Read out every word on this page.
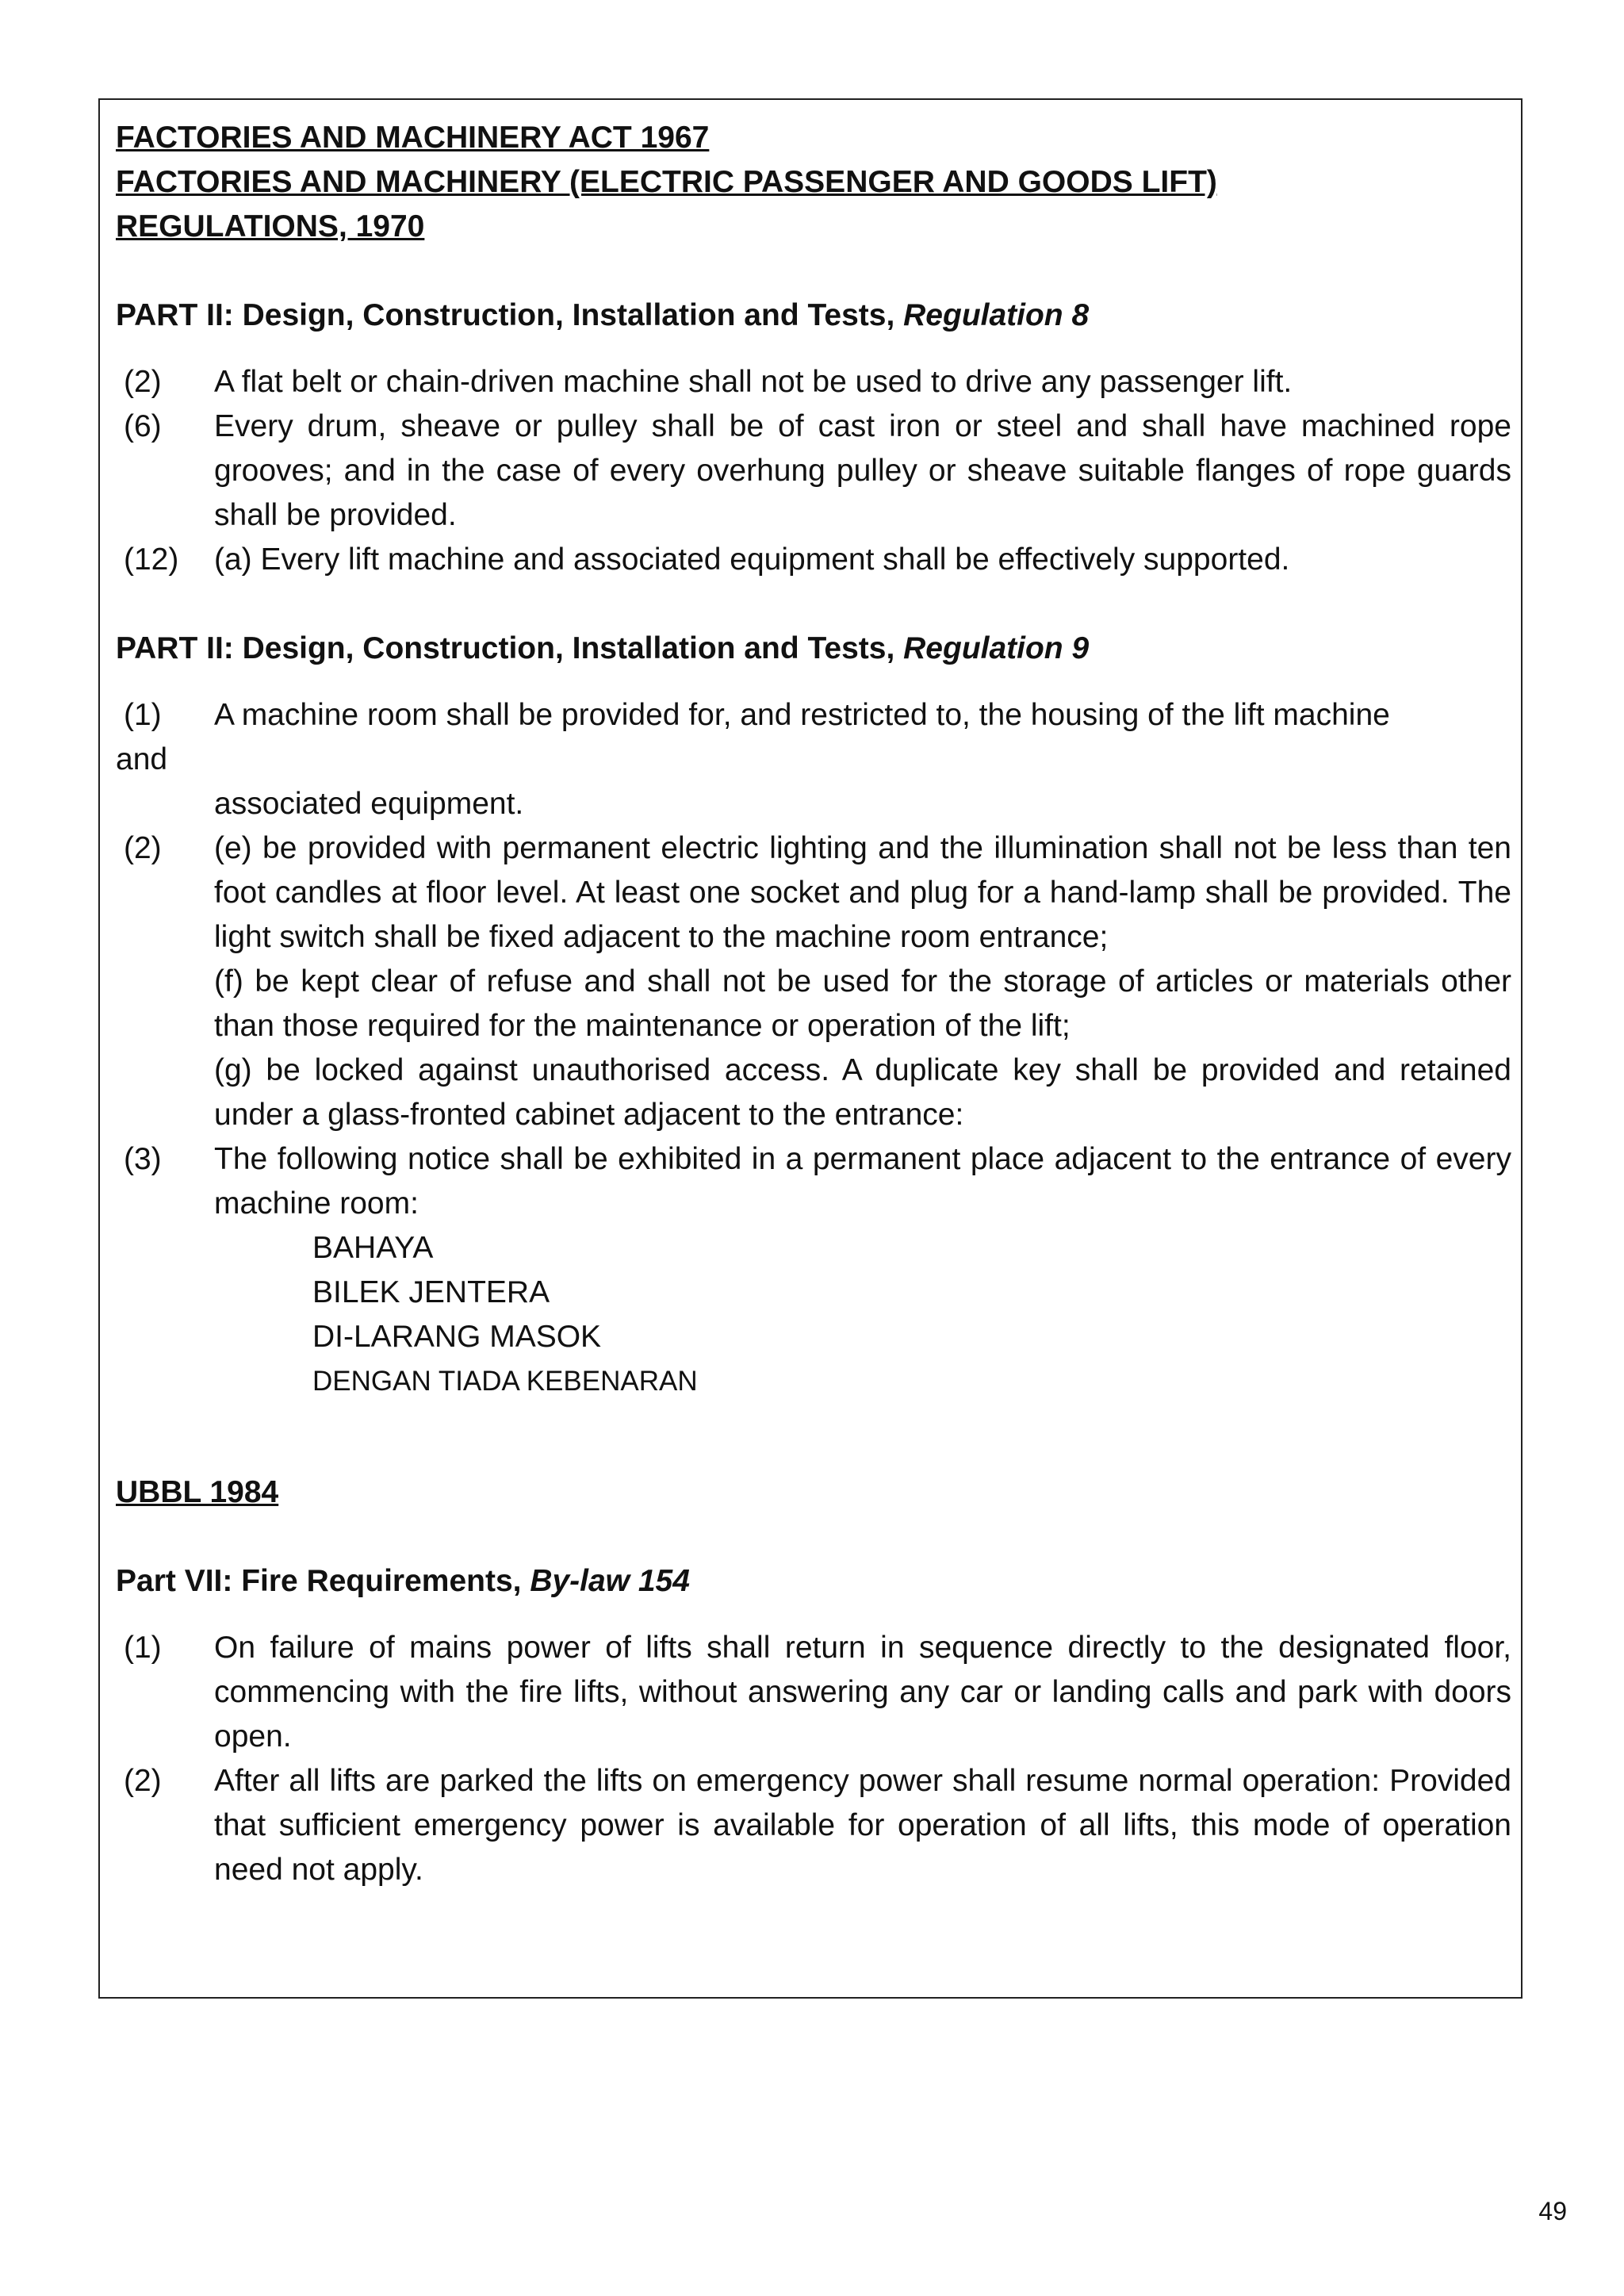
FACTORIES AND MACHINERY ACT 1967

FACTORIES AND MACHINERY (ELECTRIC PASSENGER AND GOODS LIFT)

REGULATIONS, 1970

PART II: Design, Construction, Installation and Tests, Regulation 8
(2)	A flat belt or chain-driven machine shall not be used to drive any passenger lift.
(6)	Every drum, sheave or pulley shall be of cast iron or steel and shall have machined rope grooves; and in the case of every overhung pulley or sheave suitable flanges of rope guards shall be provided.
(12)	(a) Every lift machine and associated equipment shall be effectively supported.
PART II: Design, Construction, Installation and Tests, Regulation 9
(1)	A machine room shall be provided for, and restricted to, the housing of the lift machine
and
associated equipment.
(2)	(e) be provided with permanent electric lighting and the illumination shall not be less than ten foot candles at floor level. At least one socket and plug for a hand-lamp shall be provided. The light switch shall be fixed adjacent to the machine room entrance;
(f) be kept clear of refuse and shall not be used for the storage of articles or materials other than those required for the maintenance or operation of the lift;
(g) be locked against unauthorised access. A duplicate key shall be provided and retained under a glass-fronted cabinet adjacent to the entrance:
(3)	The following notice shall be exhibited in a permanent place adjacent to the entrance of every machine room:
BAHAYA
BILEK JENTERA
DI-LARANG MASOK
DENGAN TIADA KEBENARAN

UBBL 1984

Part VII: Fire Requirements, By-law 154
(1)	On failure of mains power of lifts shall return in sequence directly to the designated floor, commencing with the fire lifts, without answering any car or landing calls and park with doors open.
(2)	After all lifts are parked the lifts on emergency power shall resume normal operation: Provided that sufficient emergency power is available for operation of all lifts, this mode of operation need not apply.
49
